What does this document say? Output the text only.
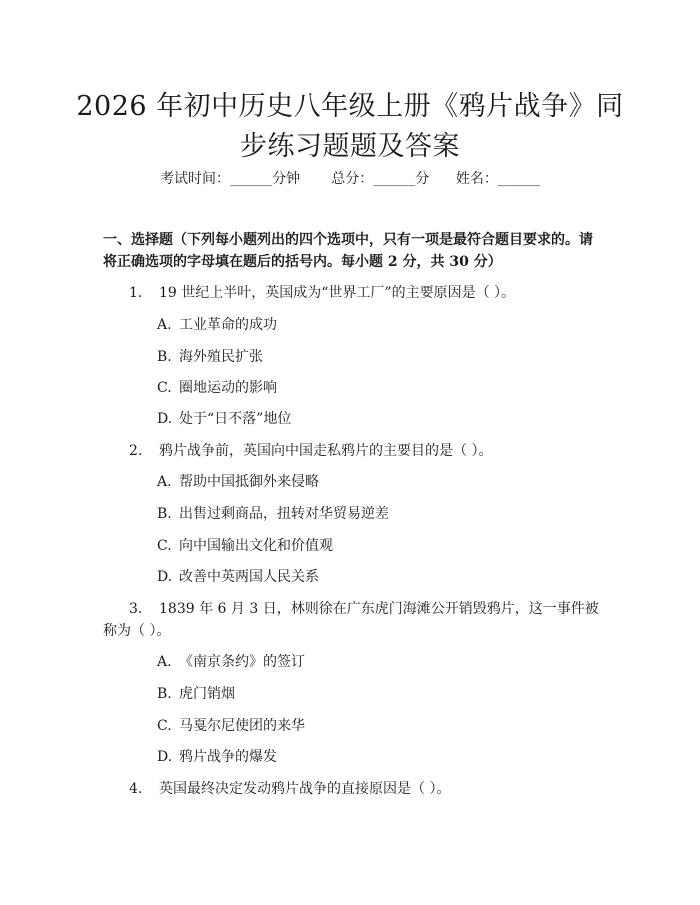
2026 年初中历史八年级上册《鸦片战争》同
步练习题题及答案
考试时间：______分钟 总分：______分 姓名：______
一、选择题（下列每小题列出的四个选项中，只有一项是最符合题目要求的。请将正确选项的字母填在题后的括号内。每小题 2 分，共 30 分）
1.	19 世纪上半叶，英国成为“世界工厂”的主要原因是（ ）。
A. 工业革命的成功
B. 海外殖民扩张
C. 圈地运动的影响
D. 处于“日不落”地位
2.	鸦片战争前，英国向中国走私鸦片的主要目的是（ ）。
A. 帮助中国抵御外来侵略
B. 出售过剩商品，扭转对华贸易逆差
C. 向中国输出文化和价值观
D. 改善中英两国人民关系
3.	1839 年 6 月 3 日，林则徐在广东虎门海滩公开销毁鸦片，这一事件被称为（ ）。
A. 《南京条约》的签订
B. 虎门销烟
C. 马戛尔尼使团的来华
D. 鸦片战争的爆发
4.	英国最终决定发动鸦片战争的直接原因是（ ）。
